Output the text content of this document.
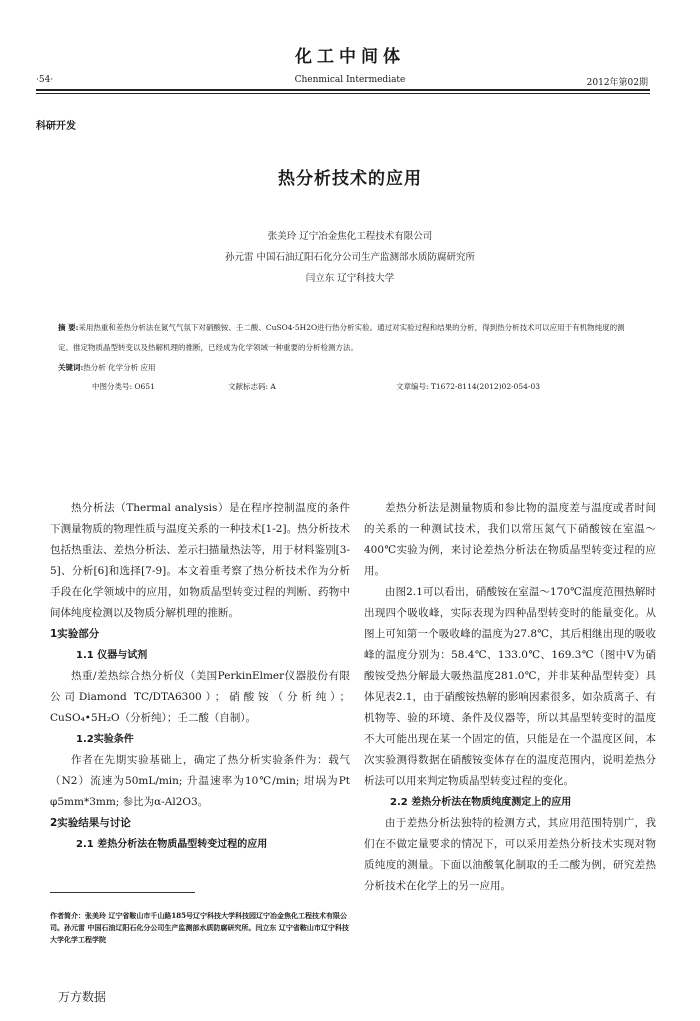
化工中间体
·54·	Chenmical Intermediate	2012年第02期
科研开发
热分析技术的应用
张美玲 辽宁冶金焦化工程技术有限公司
孙元雷 中国石油辽阳石化分公司生产监测部水质防腐研究所
闫立东 辽宁科技大学
摘 要:采用热重和差热分析法在氮气气氛下对硝酸铵、壬二酸、CuSO4·5H2O进行热分析实验。通过对实验过程和结果的分析，得到热分析技术可以应用于有机物纯度的测定、推定物质晶型转变以及热解机理的推断，已经成为化学领域一种重要的分析检测方法。
关键词:热分析 化学分析 应用
中图分类号: O651	文献标志码: A	文章编号: T1672-8114(2012)02-054-03

热分析法（Thermal analysis）是在程序控制温度的条件下测量物质的物理性质与温度关系的一种技术[1-2]。热分析技术包括热重法、差热分析法、差示扫描量热法等，用于材料鉴别[3-5]、分析[6]和选择[7-9]。本文着重考察了热分析技术作为分析手段在化学领域中的应用，如物质晶型转变过程的判断、药物中间体纯度检测以及物质分解机理的推断。

1实验部分
1.1 仪器与试剂

热重/差热综合热分析仪（美国PerkinElmer仪器股份有限公司Diamond TC/DTA6300）；硝酸铵（分析纯）；CuSO₄•5H₂O（分析纯）；壬二酸（自制）。

1.2实验条件

作者在先期实验基础上，确定了热分析实验条件为：载气（N2）流速为50mL/min; 升温速率为10℃/min; 坩埚为Pt φ5mm*3mm; 参比为α-Al2O3。

2实验结果与讨论
2.1 差热分析法在物质晶型转变过程的应用

差热分析法是测量物质和参比物的温度差与温度或者时间的关系的一种测试技术，我们以常压氮气下硝酸铵在室温～400℃实验为例，来讨论差热分析法在物质晶型转变过程的应用。

由图2.1可以看出，硝酸铵在室温～170℃温度范围热解时出现四个吸收峰，实际表现为四种晶型转变时的能量变化。从图上可知第一个吸收峰的温度为27.8℃，其后相继出现的吸收峰的温度分别为：58.4℃、133.0℃、169.3℃（图中V为硝酸铵受热分解最大吸热温度281.0℃，并非某种晶型转变）具体见表2.1，由于硝酸铵热解的影响因素很多，如杂质离子、有机物等、验的环境、条件及仪器等，所以其晶型转变时的温度不大可能出现在某一个固定的值，只能是在一个温度区间，本次实验测得数据在硝酸铵变体存在的温度范围内，说明差热分析法可以用来判定物质晶型转变过程的变化。

2.2 差热分析法在物质纯度测定上的应用

由于差热分析法独特的检测方式，其应用范围特别广，我们在不做定量要求的情况下，可以采用差热分析技术实现对物质纯度的测量。下面以油酸氧化制取的壬二酸为例，研究差热分析技术在化学上的另一应用。

作者简介：张美玲 辽宁省鞍山市千山路185号辽宁科技大学科技园辽宁冶金焦化工程技术有限公司。孙元雷 中国石油辽阳石化分公司生产监测部水质防腐研究所。闫立东 辽宁省鞍山市辽宁科技大学化学工程学院
万方数据
